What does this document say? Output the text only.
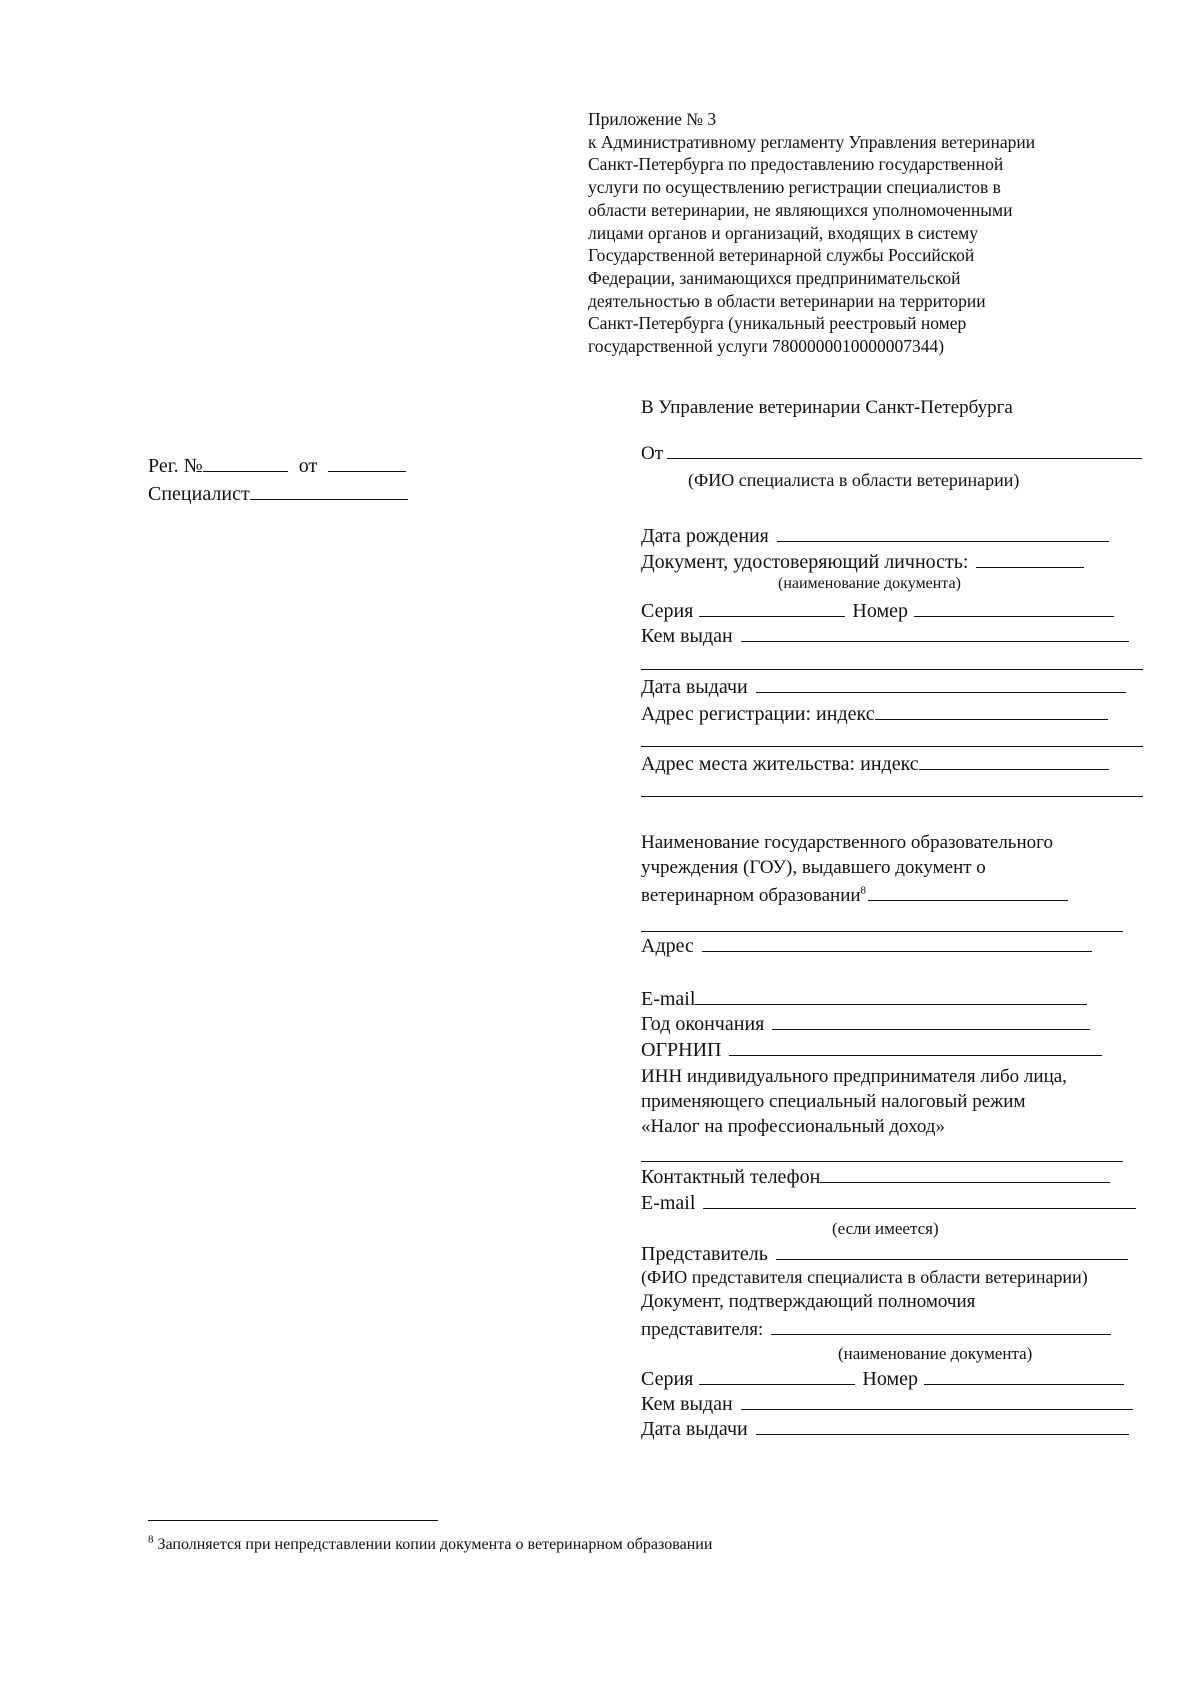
Приложение № 3
к Административному регламенту Управления ветеринарии
Санкт-Петербурга по предоставлению государственной
услуги по осуществлению регистрации специалистов в
области ветеринарии, не являющихся уполномоченными
лицами органов и организаций, входящих в систему
Государственной ветеринарной службы Российской
Федерации, занимающихся предпринимательской
деятельностью в области ветеринарии на территории
Санкт-Петербурга (уникальный реестровый номер
государственной услуги 7800000010000007344)
Рег. №	от
Специалист
В Управление ветеринарии Санкт-Петербурга
От
(ФИО специалиста в области ветеринарии)
Дата рождения
Документ, удостоверяющий личность:
(наименование документа)
Серия	Номер
Кем выдан
Дата выдачи
Адрес регистрации: индекс
Адрес места жительства: индекс
Наименование государственного образовательного
учреждения (ГОУ), выдавшего документ о
ветеринарном образовании$^8$
Адрес
E-mail
Год окончания
ОГРНИП
ИНН индивидуального предпринимателя либо лица,
применяющего специальный налоговый режим
«Налог на профессиональный доход»
Контактный телефон
E-mail
(если имеется)
Представитель
(ФИО представителя специалиста в области ветеринарии)
Документ, подтверждающий полномочия
представителя:
(наименование документа)
Серия	Номер
Кем выдан
Дата выдачи
$^8$ Заполняется при непредставлении копии документа о ветеринарном образовании
